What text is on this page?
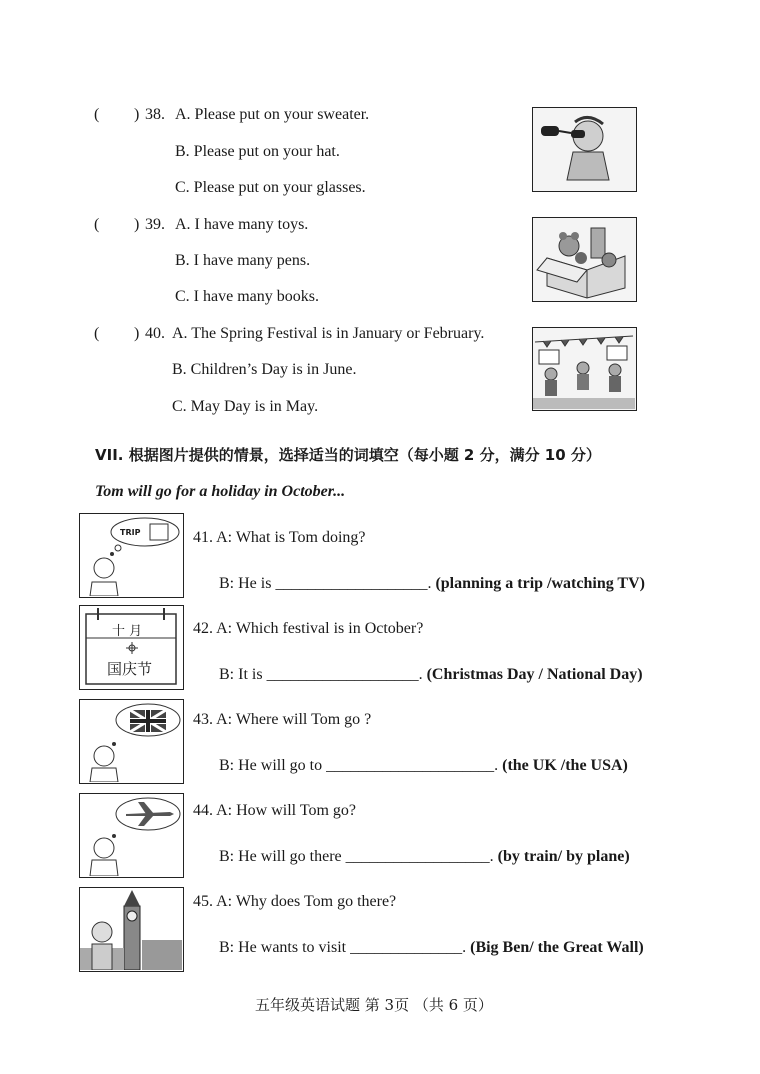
( ) 38. A. Please put on your sweater.
B. Please put on your hat.
C. Please put on your glasses.
( ) 39. A. I have many toys.
B. I have many pens.
C. I have many books.
( ) 40. A. The Spring Festival is in January or February.
B. Children’s Day is in June.
C. May Day is in May.
VII. 根据图片提供的情景，选择适当的词填空（每小题 2 分，满分 10 分）
Tom will go for a holiday in October...
TRIP	41. A: What is Tom doing?
B: He is ___________________. (planning a trip /watching TV)
十 月
国庆节
42. A: Which festival is in October?
B: It is ___________________. (Christmas Day / National Day)
43. A: Where will Tom go ?
B: He will go to _____________________. (the UK /the USA)
44. A: How will Tom go?
B: He will go there __________________. (by train/ by plane)
45. A: Why does Tom go there?
B: He wants to visit ______________. (Big Ben/ the Great Wall)
五年级英语试题 第 3页 （共 6 页）
